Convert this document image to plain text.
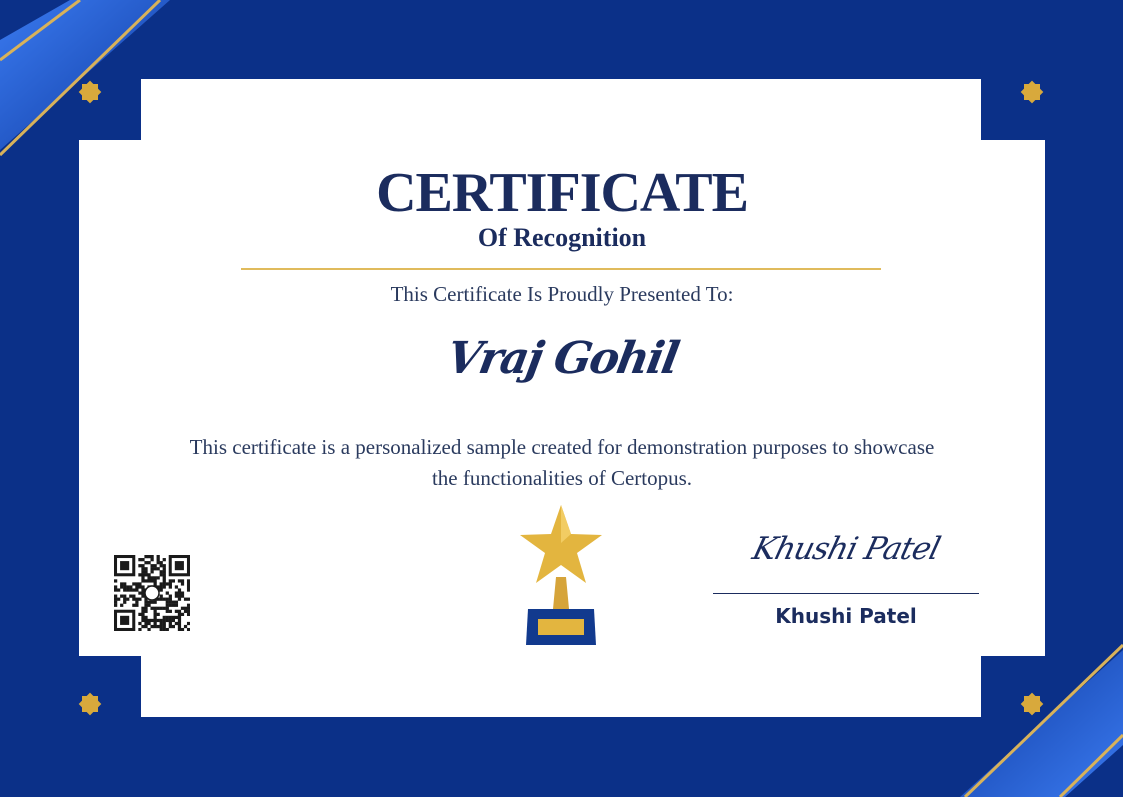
CERTIFICATE
Of Recognition

This Certificate Is Proudly Presented To:

Vraj Gohil

This certificate is a personalized sample created for demonstration purposes to showcase the functionalities of Certopus.

Khushi Patel

Khushi Patel
